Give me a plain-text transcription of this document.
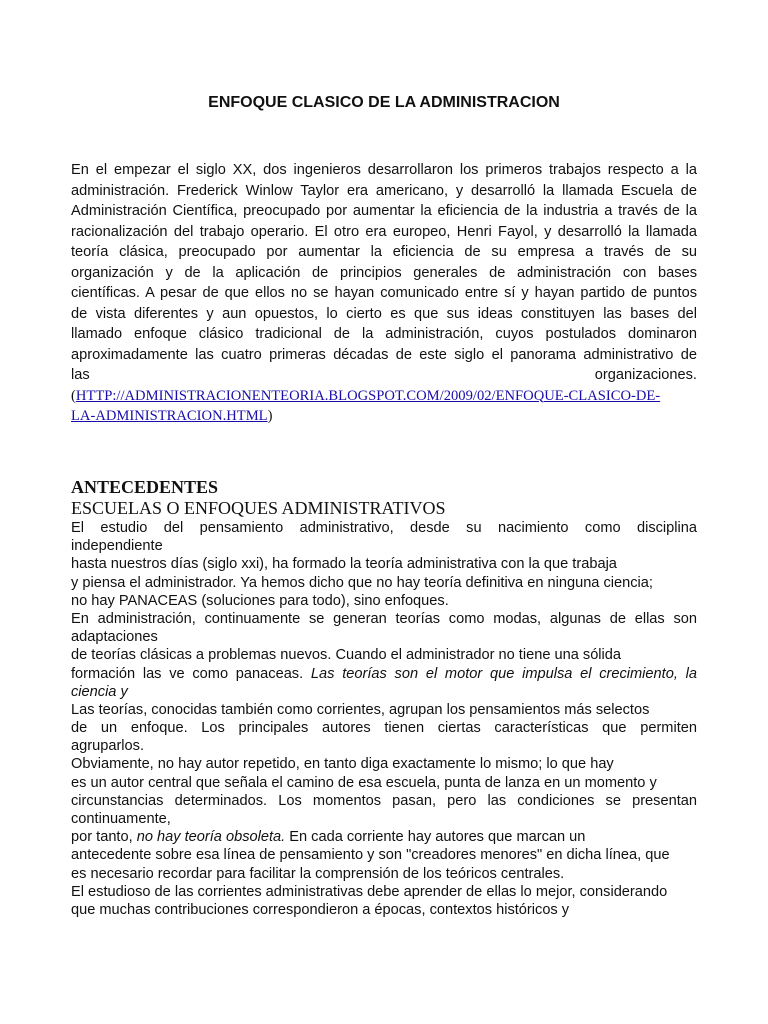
ENFOQUE CLASICO DE LA ADMINISTRACION
En el empezar el siglo XX, dos ingenieros desarrollaron los primeros trabajos respecto a la
administración. Frederick Winlow Taylor era americano, y desarrolló la llamada Escuela de
Administración Científica, preocupado por aumentar la eficiencia de la industria a través de la
racionalización del trabajo operario. El otro era europeo, Henri Fayol, y desarrolló la llamada
teoría clásica, preocupado por aumentar la eficiencia de su empresa a través de su
organización y de la aplicación de principios generales de administración con bases
científicas. A pesar de que ellos no se hayan comunicado entre sí y hayan partido de puntos
de vista diferentes y aun opuestos, lo cierto es que sus ideas constituyen las bases del
llamado enfoque clásico tradicional de la administración, cuyos postulados dominaron
aproximadamente las cuatro primeras décadas de este siglo el panorama administrativo de
las	organizaciones.
(HTTP://ADMINISTRACIONENTEORIA.BLOGSPOT.COM/2009/02/ENFOQUE-CLASICO-DE-
LA-ADMINISTRACION.HTML)
ANTECEDENTES
ESCUELAS O ENFOQUES ADMINISTRATIVOS
El estudio del pensamiento administrativo, desde su nacimiento como disciplina
independiente
hasta nuestros días (siglo xxi), ha formado la teoría administrativa con la que trabaja
y piensa el administrador. Ya hemos dicho que no hay teoría definitiva en ninguna ciencia;
no hay PANACEAS (soluciones para todo), sino enfoques.
En administración, continuamente se generan teorías como modas, algunas de ellas son
adaptaciones
de teorías clásicas a problemas nuevos. Cuando el administrador no tiene una sólida
formación las ve como panaceas. Las teorías son el motor que impulsa el crecimiento, la
ciencia y
Las teorías, conocidas también como corrientes, agrupan los pensamientos más selectos
de un enfoque. Los principales autores tienen ciertas características que permiten
agruparlos.
Obviamente, no hay autor repetido, en tanto diga exactamente lo mismo; lo que hay
es un autor central que señala el camino de esa escuela, punta de lanza en un momento y
circunstancias determinados. Los momentos pasan, pero las condiciones se presentan
continuamente,
por tanto, no hay teoría obsoleta. En cada corriente hay autores que marcan un
antecedente sobre esa línea de pensamiento y son "creadores menores" en dicha línea, que
es necesario recordar para facilitar la comprensión de los teóricos centrales.
El estudioso de las corrientes administrativas debe aprender de ellas lo mejor, considerando
que muchas contribuciones correspondieron a épocas, contextos históricos y
